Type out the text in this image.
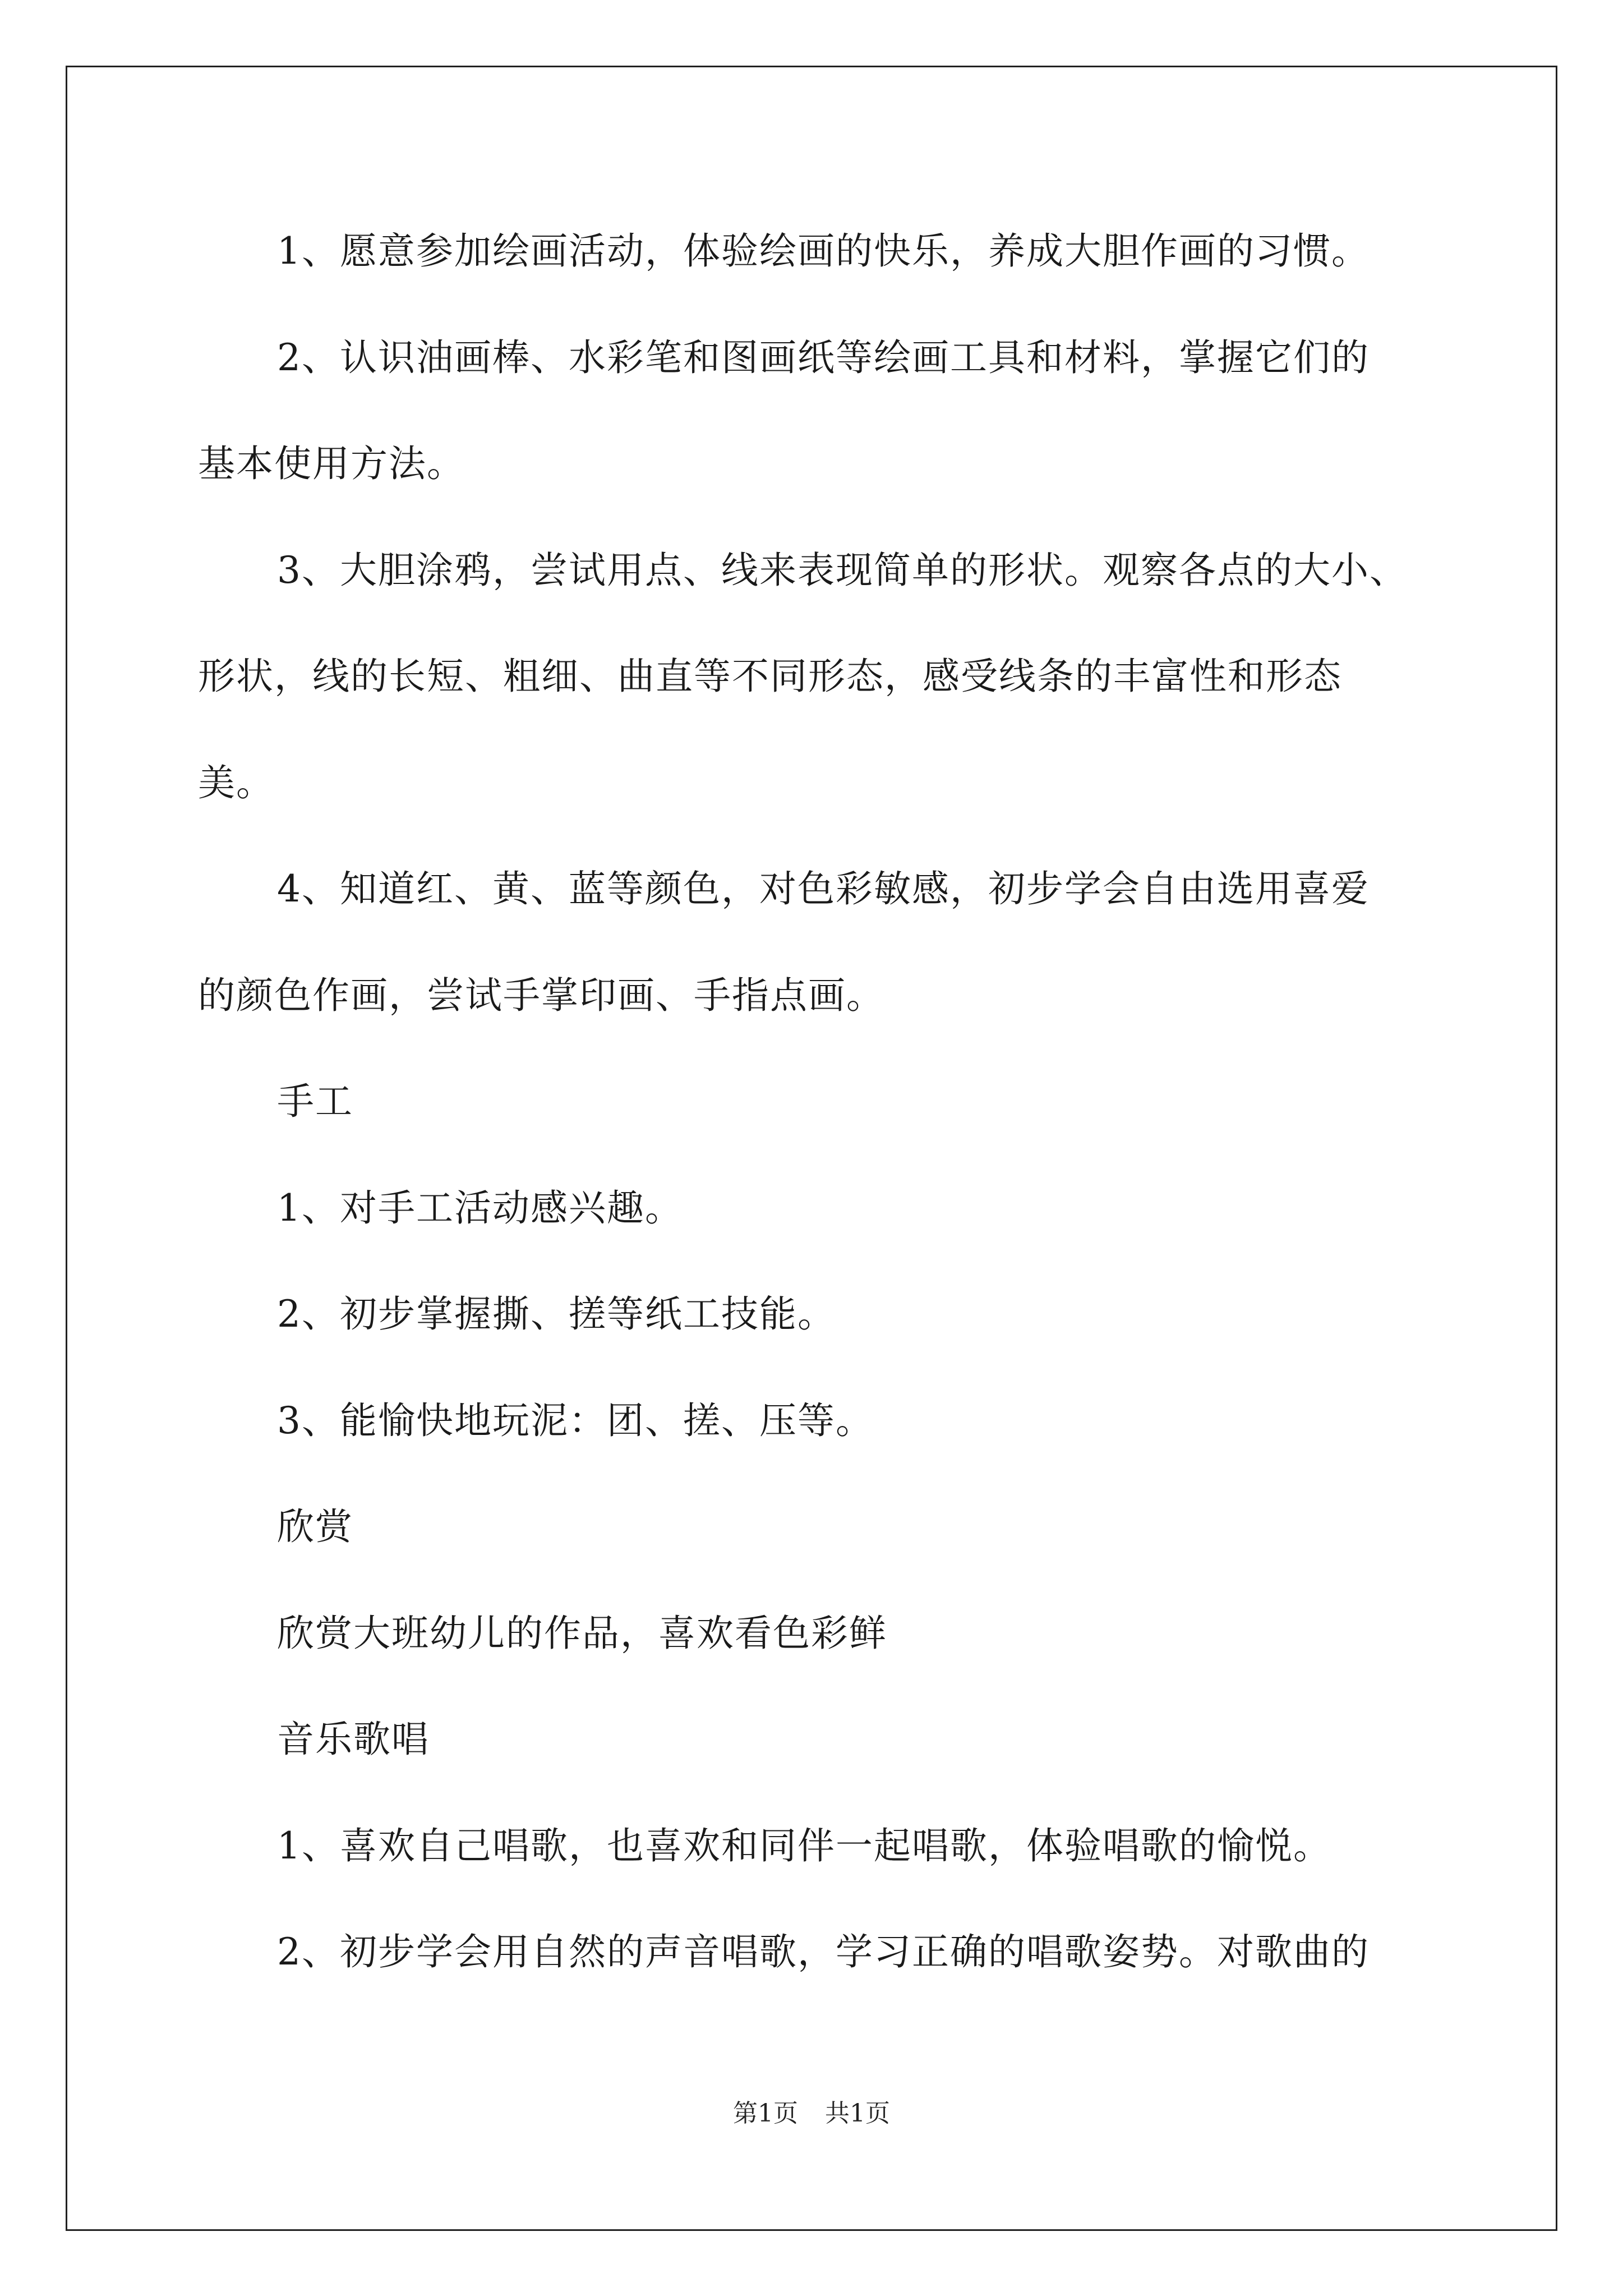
1、愿意参加绘画活动，体验绘画的快乐，养成大胆作画的习惯。
2、认识油画棒、水彩笔和图画纸等绘画工具和材料，掌握它们的
基本使用方法。
3、大胆涂鸦，尝试用点、线来表现简单的形状。观察各点的大小、
形状，线的长短、粗细、曲直等不同形态，感受线条的丰富性和形态
美。
4、知道红、黄、蓝等颜色，对色彩敏感，初步学会自由选用喜爱
的颜色作画，尝试手掌印画、手指点画。
手工
1、对手工活动感兴趣。
2、初步掌握撕、搓等纸工技能。
3、能愉快地玩泥：团、搓、压等。
欣赏
欣赏大班幼儿的作品，喜欢看色彩鲜
音乐歌唱
1、喜欢自己唱歌，也喜欢和同伴一起唱歌，体验唱歌的愉悦。
2、初步学会用自然的声音唱歌，学习正确的唱歌姿势。对歌曲的
第1页 共1页
